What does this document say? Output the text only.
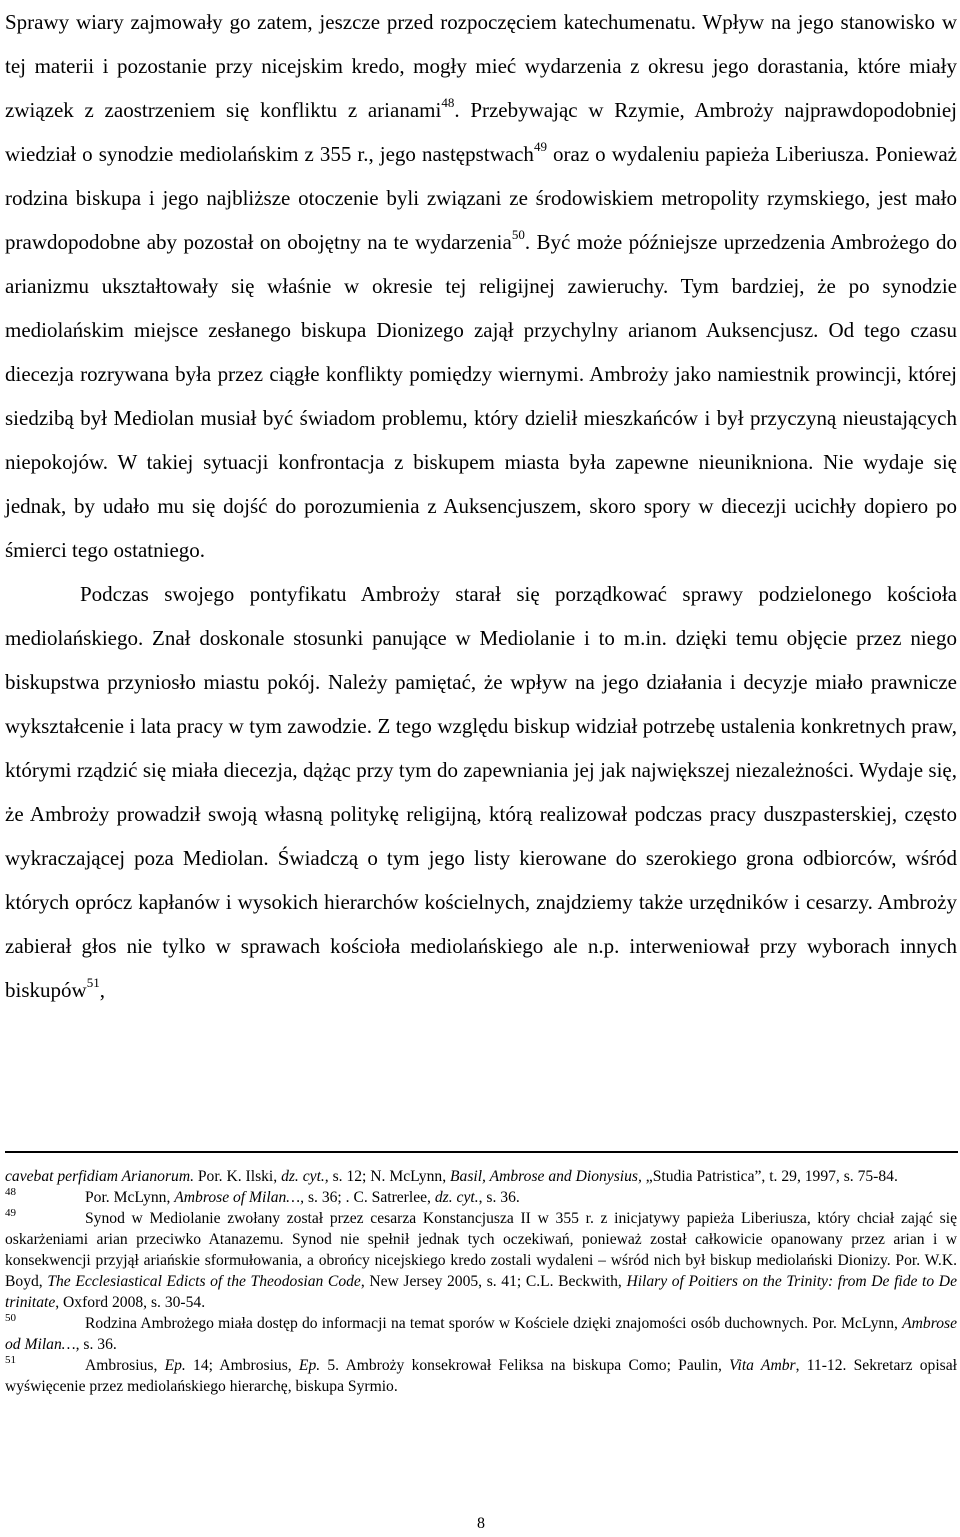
Sprawy wiary zajmowały go zatem, jeszcze przed rozpoczęciem katechumenatu. Wpływ na jego stanowisko w tej materii i pozostanie przy nicejskim kredo, mogły mieć wydarzenia z okresu jego dorastania, które miały związek z zaostrzeniem się konfliktu z arianami$^{48}$. Przebywając w Rzymie, Ambroży najprawdopodobniej wiedział o synodzie mediolańskim z 355 r., jego następstwach$^{49}$ oraz o wydaleniu papieża Liberiusza. Ponieważ rodzina biskupa i jego najbliższe otoczenie byli związani ze środowiskiem metropolity rzymskiego, jest mało prawdopodobne aby pozostał on obojętny na te wydarzenia$^{50}$. Być może późniejsze uprzedzenia Ambrożego do arianizmu ukształtowały się właśnie w okresie tej religijnej zawieruchy. Tym bardziej, że po synodzie mediolańskim miejsce zesłanego biskupa Dionizego zajął przychylny arianom Auksencjusz. Od tego czasu diecezja rozrywana była przez ciągłe konflikty pomiędzy wiernymi. Ambroży jako namiestnik prowincji, której siedzibą był Mediolan musiał być świadom problemu, który dzielił mieszkańców i był przyczyną nieustających niepokojów. W takiej sytuacji konfrontacja z biskupem miasta była zapewne nieunikniona. Nie wydaje się jednak, by udało mu się dojść do porozumienia z Auksencjuszem, skoro spory w diecezji ucichły dopiero po śmierci tego ostatniego.

Podczas swojego pontyfikatu Ambroży starał się porządkować sprawy podzielonego kościoła mediolańskiego. Znał doskonale stosunki panujące w Mediolanie i to m.in. dzięki temu objęcie przez niego biskupstwa przyniosło miastu pokój. Należy pamiętać, że wpływ na jego działania i decyzje miało prawnicze wykształcenie i lata pracy w tym zawodzie. Z tego względu biskup widział potrzebę ustalenia konkretnych praw, którymi rządzić się miała diecezja, dążąc przy tym do zapewniania jej jak największej niezależności. Wydaje się, że Ambroży prowadził swoją własną politykę religijną, którą realizował podczas pracy duszpasterskiej, często wykraczającej poza Mediolan. Świadczą o tym jego listy kierowane do szerokiego grona odbiorców, wśród których oprócz kapłanów i wysokich hierarchów kościelnych, znajdziemy także urzędników i cesarzy. Ambroży zabierał głos nie tylko w sprawach kościoła mediolańskiego ale n.p. interweniował przy wyborach innych biskupów$^{51}$,

cavebat perfidiam Arianorum. Por. K. Ilski, dz. cyt., s. 12; N. McLynn, Basil, Ambrose and Dionysius, „Studia Patristica”, t. 29, 1997, s. 75-84.

48	Por. McLynn, Ambrose of Milan…, s. 36; . C. Satrerlee, dz. cyt., s. 36.

49	Synod w Mediolanie zwołany został przez cesarza Konstancjusza II w 355 r. z inicjatywy papieża Liberiusza, który chciał zająć się oskarżeniami arian przeciwko Atanazemu. Synod nie spełnił jednak tych oczekiwań, ponieważ został całkowicie opanowany przez arian i w konsekwencji przyjął ariańskie sformułowania, a obrońcy nicejskiego kredo zostali wydaleni – wśród nich był biskup mediolański Dionizy. Por. W.K. Boyd, The Ecclesiastical Edicts of the Theodosian Code, New Jersey 2005, s. 41; C.L. Beckwith, Hilary of Poitiers on the Trinity: from De fide to De trinitate, Oxford 2008, s. 30-54.

50	Rodzina Ambrożego miała dostęp do informacji na temat sporów w Kościele dzięki znajomości osób duchownych. Por. McLynn, Ambrose od Milan…, s. 36.

51	Ambrosius, Ep. 14; Ambrosius, Ep. 5. Ambroży konsekrował Feliksa na biskupa Como; Paulin, Vita Ambr, 11-12. Sekretarz opisał wyświęcenie przez mediolańskiego hierarchę, biskupa Syrmio.

8
